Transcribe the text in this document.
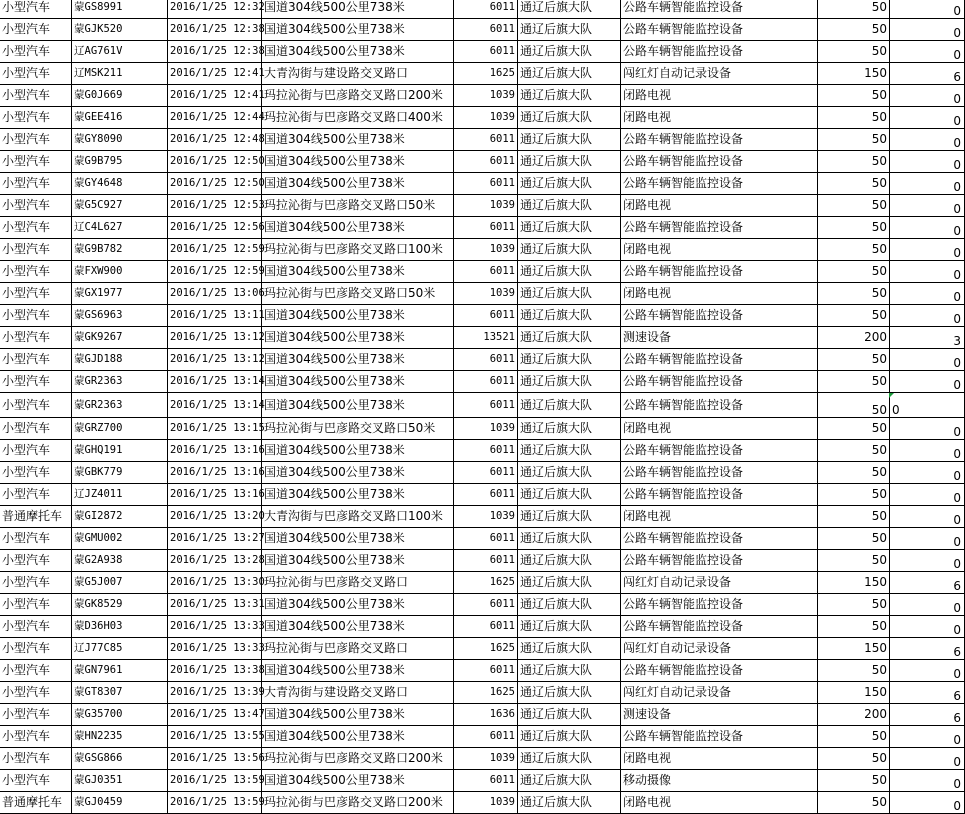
小型汽车	蒙GS8991	2016/1/25 12:32	国道304线500公里738米	6011	通辽后旗大队	公路车辆智能监控设备	50	0
小型汽车	蒙GJK520	2016/1/25 12:38	国道304线500公里738米	6011	通辽后旗大队	公路车辆智能监控设备	50	0
小型汽车	辽AG761V	2016/1/25 12:38	国道304线500公里738米	6011	通辽后旗大队	公路车辆智能监控设备	50	0
小型汽车	辽MSK211	2016/1/25 12:41	大青沟街与建设路交叉路口	1625	通辽后旗大队	闯红灯自动记录设备	150	6
小型汽车	蒙G0J669	2016/1/25 12:41	玛拉沁街与巴彦路交叉路口200米	1039	通辽后旗大队	闭路电视	50	0
小型汽车	蒙GEE416	2016/1/25 12:44	玛拉沁街与巴彦路交叉路口400米	1039	通辽后旗大队	闭路电视	50	0
小型汽车	蒙GY8090	2016/1/25 12:48	国道304线500公里738米	6011	通辽后旗大队	公路车辆智能监控设备	50	0
小型汽车	蒙G9B795	2016/1/25 12:50	国道304线500公里738米	6011	通辽后旗大队	公路车辆智能监控设备	50	0
小型汽车	蒙GY4648	2016/1/25 12:50	国道304线500公里738米	6011	通辽后旗大队	公路车辆智能监控设备	50	0
小型汽车	蒙G5C927	2016/1/25 12:53	玛拉沁街与巴彦路交叉路口50米	1039	通辽后旗大队	闭路电视	50	0
小型汽车	辽C4L627	2016/1/25 12:56	国道304线500公里738米	6011	通辽后旗大队	公路车辆智能监控设备	50	0
小型汽车	蒙G9B782	2016/1/25 12:59	玛拉沁街与巴彦路交叉路口100米	1039	通辽后旗大队	闭路电视	50	0
小型汽车	蒙FXW900	2016/1/25 12:59	国道304线500公里738米	6011	通辽后旗大队	公路车辆智能监控设备	50	0
小型汽车	蒙GX1977	2016/1/25 13:06	玛拉沁街与巴彦路交叉路口50米	1039	通辽后旗大队	闭路电视	50	0
小型汽车	蒙GS6963	2016/1/25 13:11	国道304线500公里738米	6011	通辽后旗大队	公路车辆智能监控设备	50	0
小型汽车	蒙GK9267	2016/1/25 13:12	国道304线500公里738米	13521	通辽后旗大队	测速设备	200	3
小型汽车	蒙GJD188	2016/1/25 13:12	国道304线500公里738米	6011	通辽后旗大队	公路车辆智能监控设备	50	0
小型汽车	蒙GR2363	2016/1/25 13:14	国道304线500公里738米	6011	通辽后旗大队	公路车辆智能监控设备	50	0
小型汽车	蒙GR2363	2016/1/25 13:14	国道304线500公里738米	6011	通辽后旗大队	公路车辆智能监控设备	50	0
小型汽车	蒙GRZ700	2016/1/25 13:15	玛拉沁街与巴彦路交叉路口50米	1039	通辽后旗大队	闭路电视	50	0
小型汽车	蒙GHQ191	2016/1/25 13:16	国道304线500公里738米	6011	通辽后旗大队	公路车辆智能监控设备	50	0
小型汽车	蒙GBK779	2016/1/25 13:16	国道304线500公里738米	6011	通辽后旗大队	公路车辆智能监控设备	50	0
小型汽车	辽JZ4011	2016/1/25 13:16	国道304线500公里738米	6011	通辽后旗大队	公路车辆智能监控设备	50	0
普通摩托车	蒙GI2872	2016/1/25 13:20	大青沟街与巴彦路交叉路口100米	1039	通辽后旗大队	闭路电视	50	0
小型汽车	蒙GMU002	2016/1/25 13:27	国道304线500公里738米	6011	通辽后旗大队	公路车辆智能监控设备	50	0
小型汽车	蒙G2A938	2016/1/25 13:28	国道304线500公里738米	6011	通辽后旗大队	公路车辆智能监控设备	50	0
小型汽车	蒙G5J007	2016/1/25 13:30	玛拉沁街与巴彦路交叉路口	1625	通辽后旗大队	闯红灯自动记录设备	150	6
小型汽车	蒙GK8529	2016/1/25 13:31	国道304线500公里738米	6011	通辽后旗大队	公路车辆智能监控设备	50	0
小型汽车	蒙D36H03	2016/1/25 13:33	国道304线500公里738米	6011	通辽后旗大队	公路车辆智能监控设备	50	0
小型汽车	辽J77C85	2016/1/25 13:33	玛拉沁街与巴彦路交叉路口	1625	通辽后旗大队	闯红灯自动记录设备	150	6
小型汽车	蒙GN7961	2016/1/25 13:38	国道304线500公里738米	6011	通辽后旗大队	公路车辆智能监控设备	50	0
小型汽车	蒙GT8307	2016/1/25 13:39	大青沟街与建设路交叉路口	1625	通辽后旗大队	闯红灯自动记录设备	150	6
小型汽车	蒙G35700	2016/1/25 13:47	国道304线500公里738米	1636	通辽后旗大队	测速设备	200	6
小型汽车	蒙HN2235	2016/1/25 13:55	国道304线500公里738米	6011	通辽后旗大队	公路车辆智能监控设备	50	0
小型汽车	蒙GSG866	2016/1/25 13:56	玛拉沁街与巴彦路交叉路口200米	1039	通辽后旗大队	闭路电视	50	0
小型汽车	蒙GJ0351	2016/1/25 13:59	国道304线500公里738米	6011	通辽后旗大队	移动摄像	50	0
普通摩托车	蒙GJ0459	2016/1/25 13:59	玛拉沁街与巴彦路交叉路口200米	1039	通辽后旗大队	闭路电视	50	0
